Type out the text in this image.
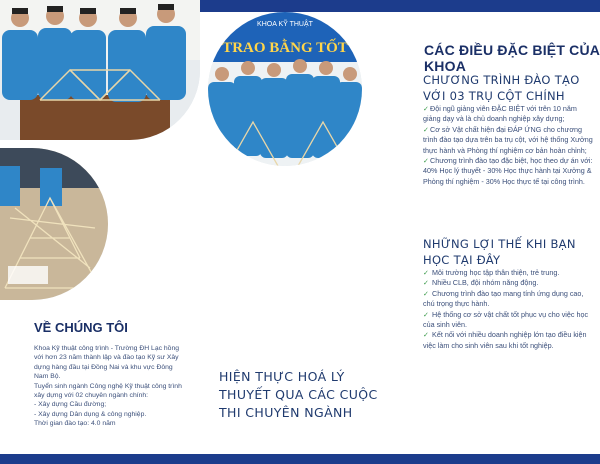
KHOA KỸ THUẬT
TRAO BẰNG TỐT	CÁC ĐIỀU ĐẶC BIỆT CỦA KHOA
CHƯƠNG TRÌNH ĐÀO TẠO VỚI 03 TRỤ CỘT CHÍNH
✓Đội ngũ giảng viên ĐẶC BIỆT với trên 10 năm giảng dạy và là chủ doanh nghiệp xây dựng;
✓Cơ sở Vật chất hiện đại ĐÁP ỨNG cho chương trình đào tạo dựa trên ba trụ cột, với hệ thống Xưởng thực hành và Phòng thí nghiệm cơ bản hoàn chỉnh;
✓Chương trình đào tạo đặc biệt, học theo dự án với: 40% Học lý thuyết - 30% Học thực hành tại Xưởng & Phòng thí nghiệm - 30% Học thực tế tại công trình.
NHỮNG LỢI THẾ KHI BẠN HỌC TẠI ĐÂY
✓ Môi trường học tập thân thiện, trẻ trung.
✓ Nhiều CLB, đội nhóm năng động.
✓ Chương trình đào tạo mang tính ứng dụng cao, chú trọng thực hành.
✓ Hệ thống cơ sở vật chất tốt phục vụ cho việc học của sinh viên.
✓ Kết nối với nhiều doanh nghiệp lớn tạo điều kiện việc làm cho sinh viên sau khi tốt nghiệp.
VỀ CHÚNG TÔI
Khoa Kỹ thuật công trình - Trường ĐH Lạc hồng với hơn 23 năm thành lập và đào tạo Kỹ sư Xây dựng hàng đầu tại Đồng Nai và khu vực Đông Nam Bộ.
Tuyển sinh ngành Công nghệ Kỹ thuật công trình xây dựng với 02 chuyên ngành chính:
- Xây dựng Cầu đường;
- Xây dựng Dân dụng & công nghiệp.
Thời gian đào tạo: 4.0 năm
HIỆN THỰC HOÁ LÝ THUYẾT QUA CÁC CUỘC THI CHUYÊN NGÀNH
